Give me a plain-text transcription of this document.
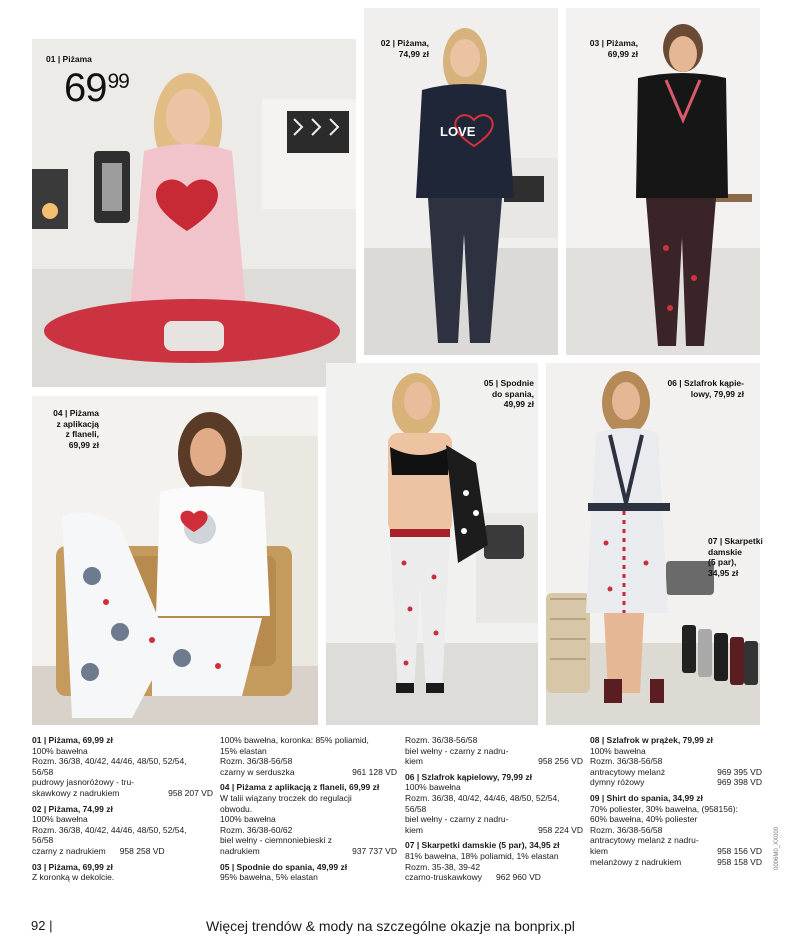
01 | Piżama
$69^{99}$
LOVE
02 | Piżama,
74,99 zł
03 | Piżama,
69,99 zł
04 | Piżama
z aplikacją
z flaneli,
69,99 zł
05 | Spodnie
do spania,
49,99 zł
06 | Szlafrok kąpie-
lowy, 79,99 zł
07 | Skarpetki
damskie
(5 par),
34,95 zł
01 | Piżama, 69,99 zł
100% bawełna
Rozm. 36/38, 40/42, 44/46, 48/50, 52/54,
56/58
pudrowy jasnoróżowy - tru-
skawkowy z nadrukiem	958 207 VD
02 | Piżama, 74,99 zł
100% bawełna
Rozm. 36/38, 40/42, 44/46, 48/50, 52/54,
56/58
czarny z nadrukiem 958 258 VD
03 | Piżama, 69,99 zł
Z koronką w dekolcie.
100% bawełna, koronka: 85% poliamid,
15% elastan
Rozm. 36/38-56/58
czarny w serduszka	961 128 VD
04 | Piżama z aplikacją z flaneli, 69,99 zł
W talii wiązany troczek do regulacji
obwodu.
100% bawełna
Rozm. 36/38-60/62
biel wełny - ciemnoniebieski z
nadrukiem	937 737 VD
05 | Spodnie do spania, 49,99 zł
95% bawełna, 5% elastan
Rozm. 36/38-56/58
biel wełny - czarny z nadru-
kiem	958 256 VD
06 | Szlafrok kąpielowy, 79,99 zł
100% bawełna
Rozm. 36/38, 40/42, 44/46, 48/50, 52/54,
56/58
biel wełny - czarny z nadru-
kiem	958 224 VD
07 | Skarpetki damskie (5 par), 34,95 zł
81% bawełna, 18% poliamid, 1% elastan
Rozm. 35-38, 39-42
czarno-truskawkowy 962 960 VD
08 | Szlafrok w prążek, 79,99 zł
100% bawełna
Rozm. 36/38-56/58
antracytowy melanż	969 395 VD
dymny różowy	969 398 VD
09 | Shirt do spania, 34,99 zł
70% poliester, 30% bawełna, (958156):
60% bawełna, 40% poliester
Rozm. 36/38-56/58
antracytowy melanż z nadru-
kiem	958 156 VD
melanżowy z nadrukiem	958 158 VD 0006M0_XX000
92 |	Więcej trendów & mody na szczególne okazje na bonprix.pl
